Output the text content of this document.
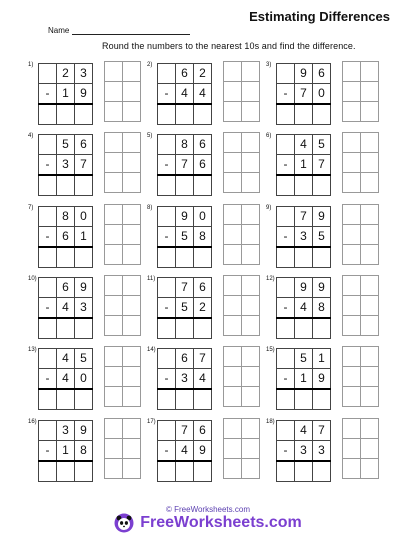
Estimating Differences
Name
Round the numbers to the nearest 10s and find the difference.
1)
	2	3
-	1	9

2)
	6	2
-	4	4

3)
	9	6
-	7	0

4)
	5	6
-	3	7

5)
	8	6
-	7	6

6)
	4	5
-	1	7

7)
	8	0
-	6	1

8)
	9	0
-	5	8

9)
	7	9
-	3	5

10)
	6	9
-	4	3

11)
	7	6
-	5	2

12)
	9	9
-	4	8

13)
	4	5
-	4	0

14)
	6	7
-	3	4

15)
	5	1
-	1	9

16)
	3	9
-	1	8

17)
	7	6
-	4	9

18)
	4	7
-	3	3

© FreeWorksheets.com
FreeWorksheets.com
